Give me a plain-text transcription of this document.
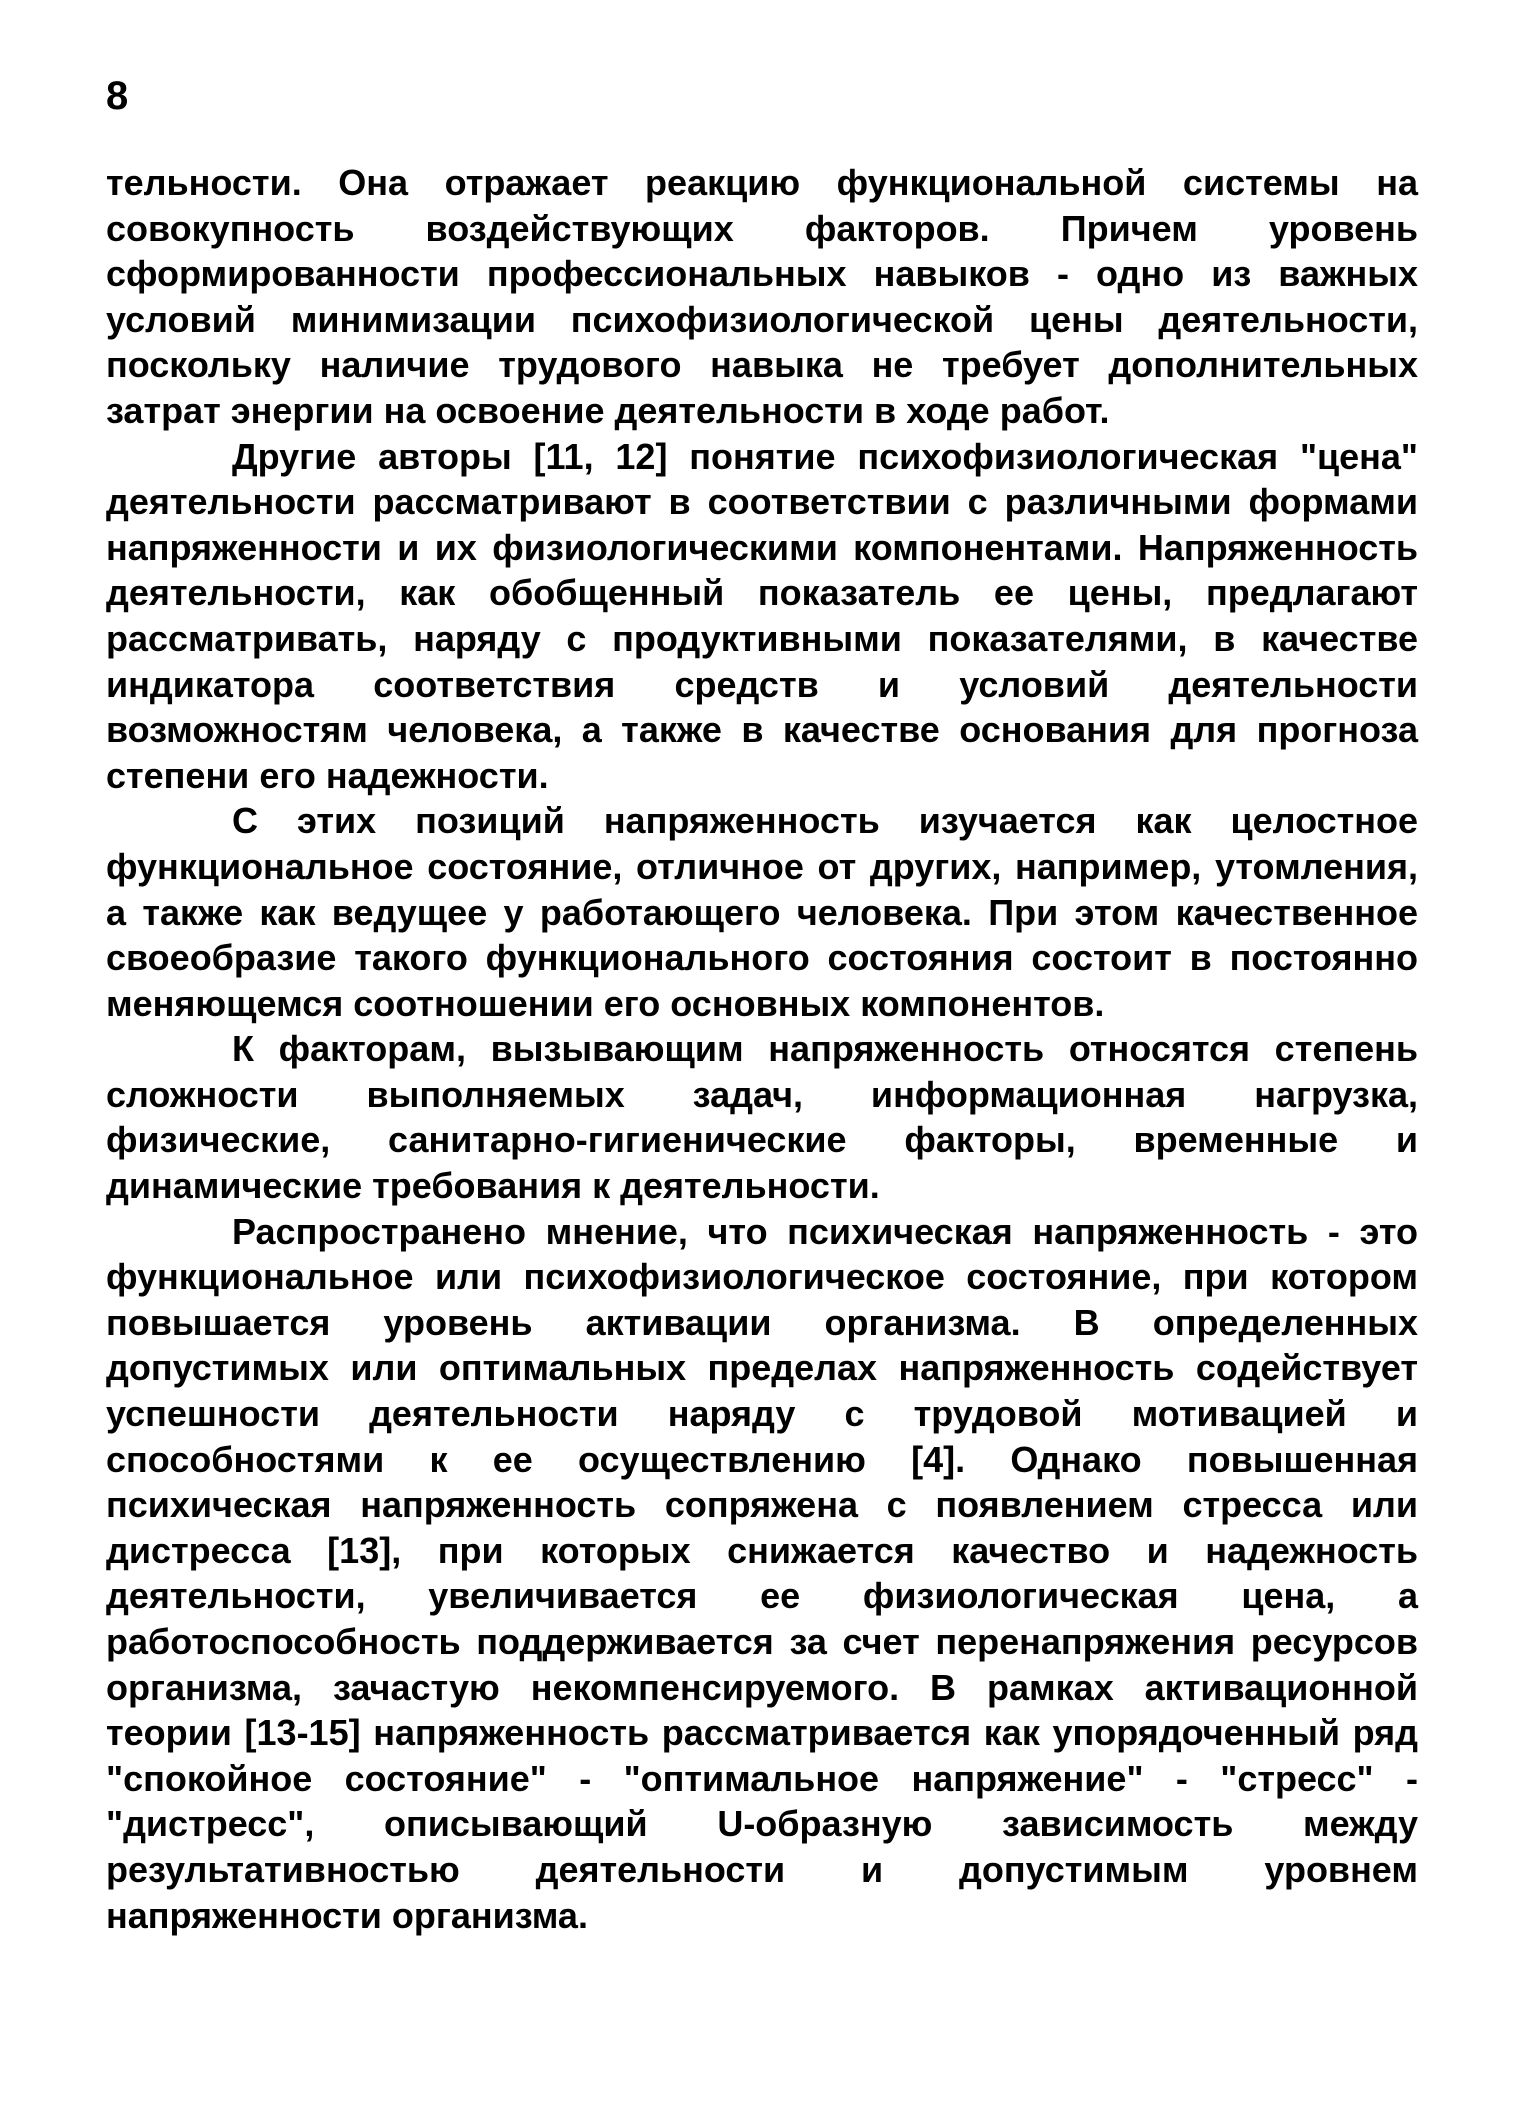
8

тельности. Она отражает реакцию функциональной системы на совокупность воздействующих факторов. Причем уровень сформированности профессиональных навыков - одно из важных условий минимизации психофизиологической цены деятельности, поскольку наличие трудового навыка не требует дополнительных затрат энергии на освоение деятельности в ходе работ.

Другие авторы [11, 12] понятие психофизиологическая "цена" деятельности рассматривают в соответствии с различными формами напряженности и их физиологическими компонентами. Напряженность деятельности, как обобщенный показатель ее цены, предлагают рассматривать, наряду с продуктивными показателями, в качестве индикатора соответствия средств и условий деятельности возможностям человека, а также в качестве основания для прогноза степени его надежности.

С этих позиций напряженность изучается как целостное функциональное состояние, отличное от других, например, утомления, а также как ведущее у работающего человека. При этом качественное своеобразие такого функционального состояния состоит в постоянно меняющемся соотношении его основных компонентов.

К факторам, вызывающим напряженность относятся степень сложности выполняемых задач, информационная нагрузка, физические, санитарно-гигиенические факторы, временные и динамические требования к деятельности.

Распространено мнение, что психическая напряженность - это функциональное или психофизиологическое состояние, при котором повышается уровень активации организма. В определенных допустимых или оптимальных пределах напряженность содействует успешности деятельности наряду с трудовой мотивацией и способностями к ее осуществлению [4]. Однако повышенная психическая напряженность сопряжена с появлением стресса или дистресса [13], при которых снижается качество и надежность деятельности, увеличивается ее физиологическая цена, а работоспособность поддерживается за счет перенапряжения ресурсов организма, зачастую некомпенсируемого. В рамках активационной теории [13-15] напряженность рассматривается как упорядоченный ряд "спокойное состояние" - "оптимальное напряжение" - "стресс" - "дистресс", описывающий U-образную зависимость между результативностью деятельности и допустимым уровнем напряженности организма.
